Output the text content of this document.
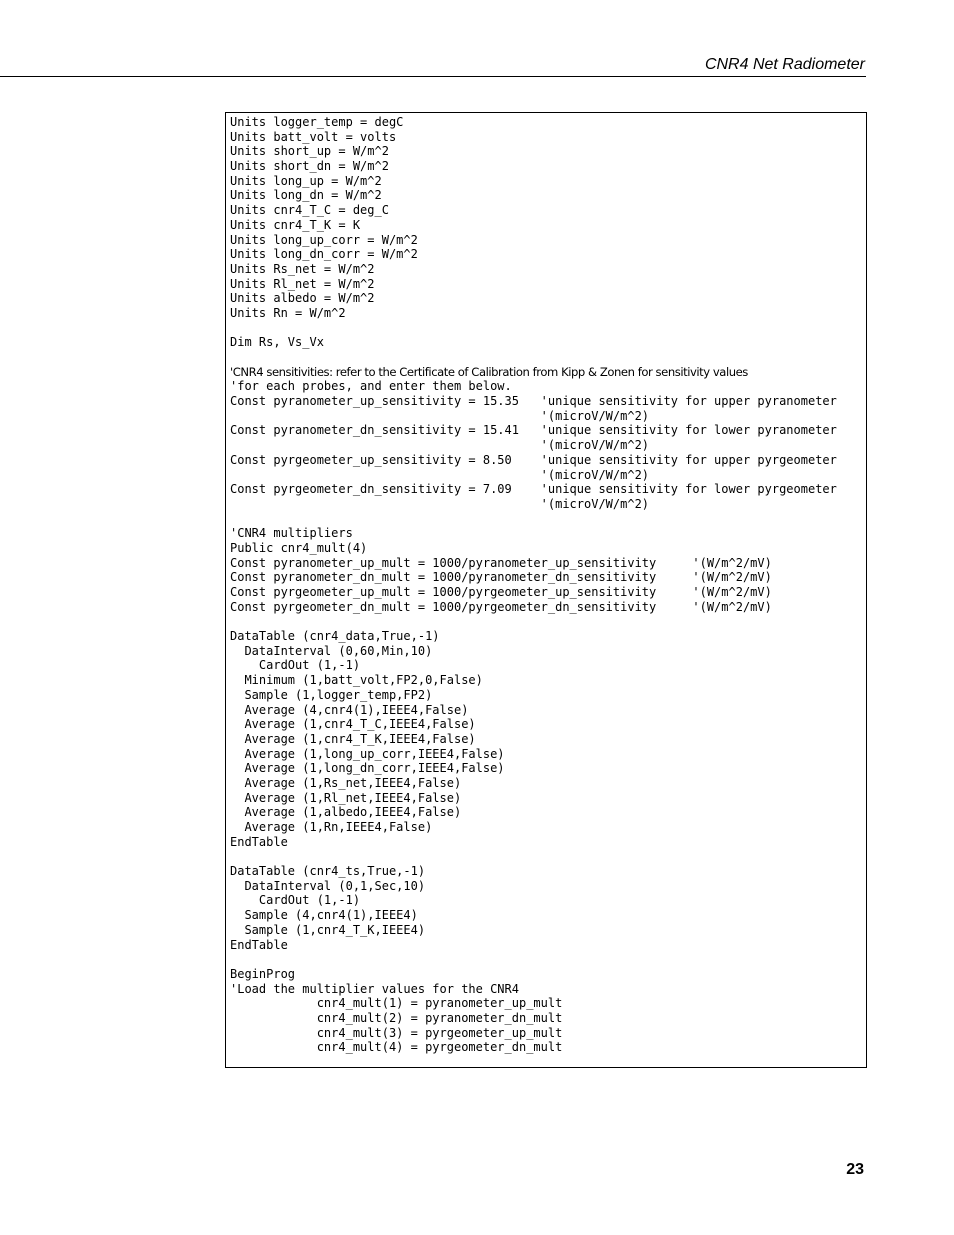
CNR4 Net Radiometer
Units logger_temp = degC
Units batt_volt = volts
Units short_up = W/m^2
Units short_dn = W/m^2
Units long_up = W/m^2
Units long_dn = W/m^2
Units cnr4_T_C = deg_C
Units cnr4_T_K = K
Units long_up_corr = W/m^2
Units long_dn_corr = W/m^2
Units Rs_net = W/m^2
Units Rl_net = W/m^2
Units albedo = W/m^2
Units Rn = W/m^2
Dim Rs, Vs_Vx
'CNR4 sensitivities: refer to the Certificate of Calibration from Kipp & Zonen for sensitivity values
'for each probes, and enter them below.
Const pyranometer_up_sensitivity = 15.35   'unique sensitivity for upper pyranometer
'(microV/W/m^2)
Const pyranometer_dn_sensitivity = 15.41   'unique sensitivity for lower pyranometer
'(microV/W/m^2)
Const pyrgeometer_up_sensitivity = 8.50    'unique sensitivity for upper pyrgeometer
'(microV/W/m^2)
Const pyrgeometer_dn_sensitivity = 7.09    'unique sensitivity for lower pyrgeometer
'(microV/W/m^2)
'CNR4 multipliers
Public cnr4_mult(4)
Const pyranometer_up_mult = 1000/pyranometer_up_sensitivity     '(W/m^2/mV)
Const pyranometer_dn_mult = 1000/pyranometer_dn_sensitivity     '(W/m^2/mV)
Const pyrgeometer_up_mult = 1000/pyrgeometer_up_sensitivity     '(W/m^2/mV)
Const pyrgeometer_dn_mult = 1000/pyrgeometer_dn_sensitivity     '(W/m^2/mV)
DataTable (cnr4_data,True,-1)
DataInterval (0,60,Min,10)
CardOut (1,-1)
Minimum (1,batt_volt,FP2,0,False)
Sample (1,logger_temp,FP2)
Average (4,cnr4(1),IEEE4,False)
Average (1,cnr4_T_C,IEEE4,False)
Average (1,cnr4_T_K,IEEE4,False)
Average (1,long_up_corr,IEEE4,False)
Average (1,long_dn_corr,IEEE4,False)
Average (1,Rs_net,IEEE4,False)
Average (1,Rl_net,IEEE4,False)
Average (1,albedo,IEEE4,False)
Average (1,Rn,IEEE4,False)
EndTable
DataTable (cnr4_ts,True,-1)
DataInterval (0,1,Sec,10)
CardOut (1,-1)
Sample (4,cnr4(1),IEEE4)
Sample (1,cnr4_T_K,IEEE4)
EndTable
BeginProg
'Load the multiplier values for the CNR4
cnr4_mult(1) = pyranometer_up_mult
cnr4_mult(2) = pyranometer_dn_mult
cnr4_mult(3) = pyrgeometer_up_mult
cnr4_mult(4) = pyrgeometer_dn_mult
23
